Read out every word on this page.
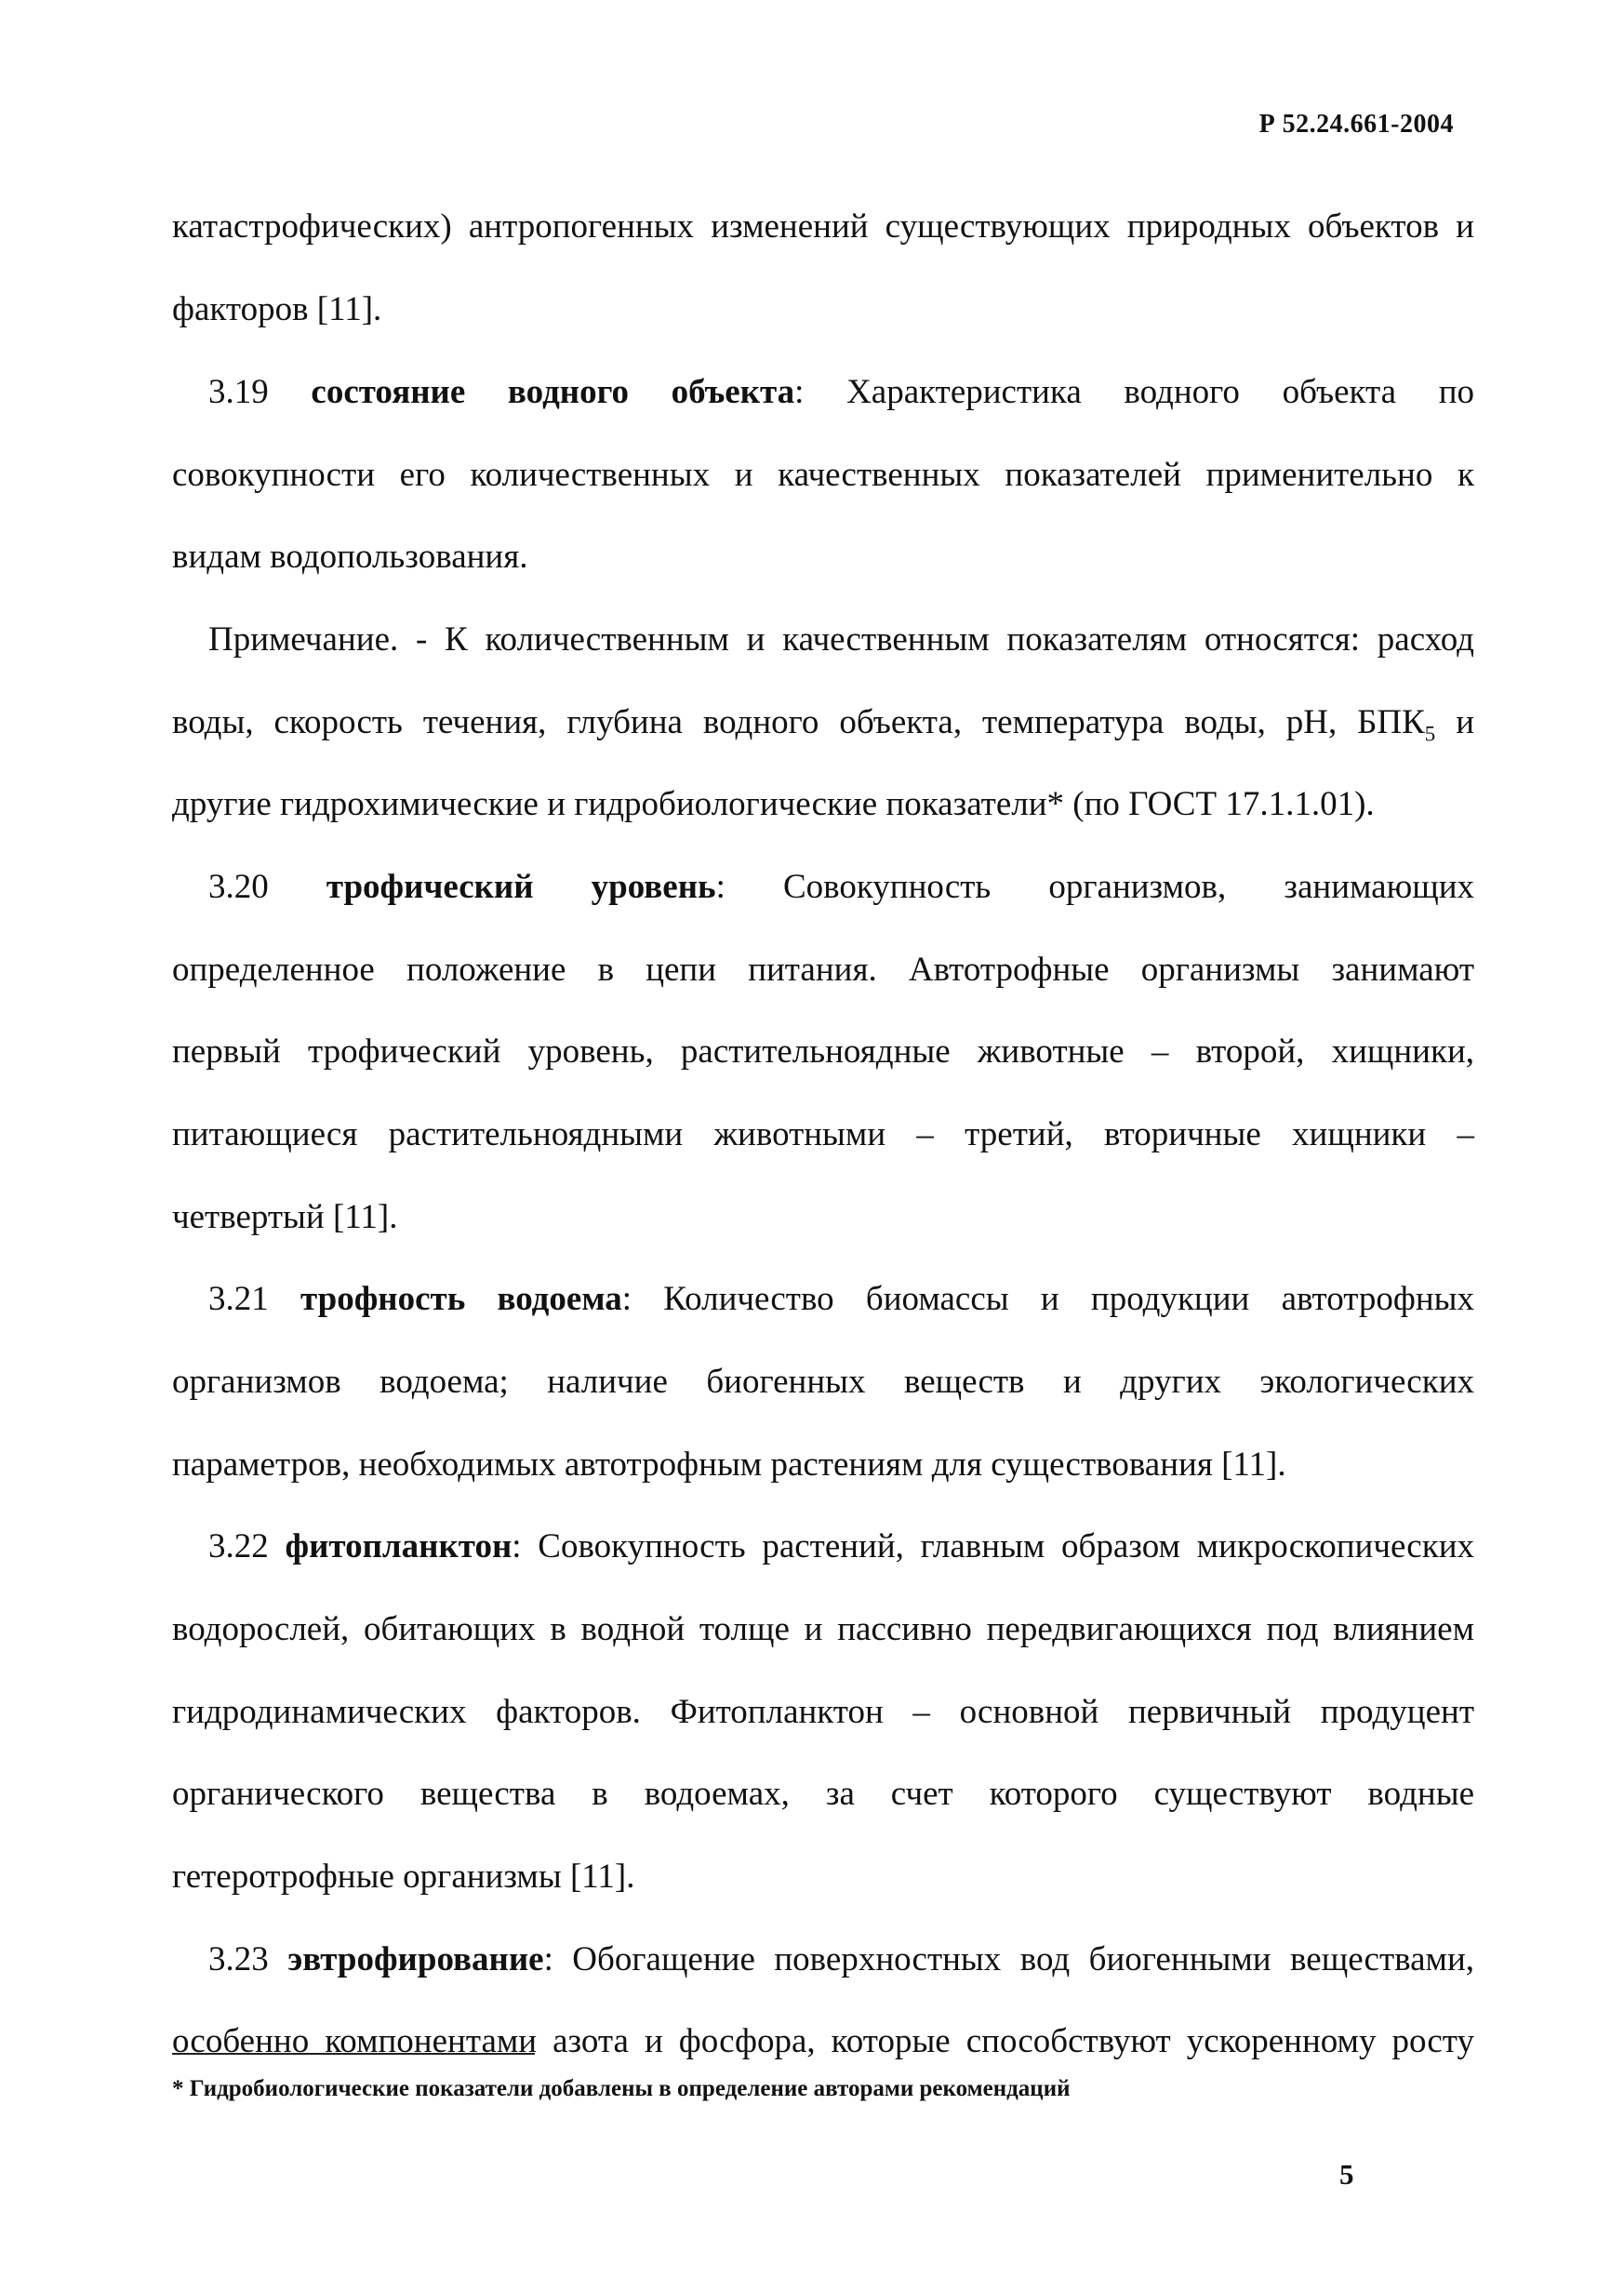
Р 52.24.661-2004
катастрофических) антропогенных изменений существующих природных объектов и
факторов [11].
3.19 состояние водного объекта: Характеристика водного объекта по
совокупности его количественных и качественных показателей применительно к
видам водопользования.
Примечание. - К количественным и качественным показателям относятся: расход
воды, скорость течения, глубина водного объекта, температура воды, pH, $БПК_5$ и
другие гидрохимические и гидробиологические показатели* (по ГОСТ 17.1.1.01).
3.20 трофический уровень: Совокупность организмов, занимающих
определенное положение в цепи питания. Автотрофные организмы занимают
первый трофический уровень, растительноядные животные – второй, хищники,
питающиеся растительноядными животными – третий, вторичные хищники –
четвертый [11].
3.21 трофность водоема: Количество биомассы и продукции автотрофных
организмов водоема; наличие биогенных веществ и других экологических
параметров, необходимых автотрофным растениям для существования [11].
3.22 фитопланктон: Совокупность растений, главным образом микроскопических
водорослей, обитающих в водной толще и пассивно передвигающихся под влиянием
гидродинамических факторов. Фитопланктон – основной первичный продуцент
органического вещества в водоемах, за счет которого существуют водные
гетеротрофные организмы [11].
3.23 эвтрофирование: Обогащение поверхностных вод биогенными веществами,
особенно компонентами азота и фосфора, которые способствуют ускоренному росту
* Гидробиологические показатели добавлены в определение авторами рекомендаций
5
